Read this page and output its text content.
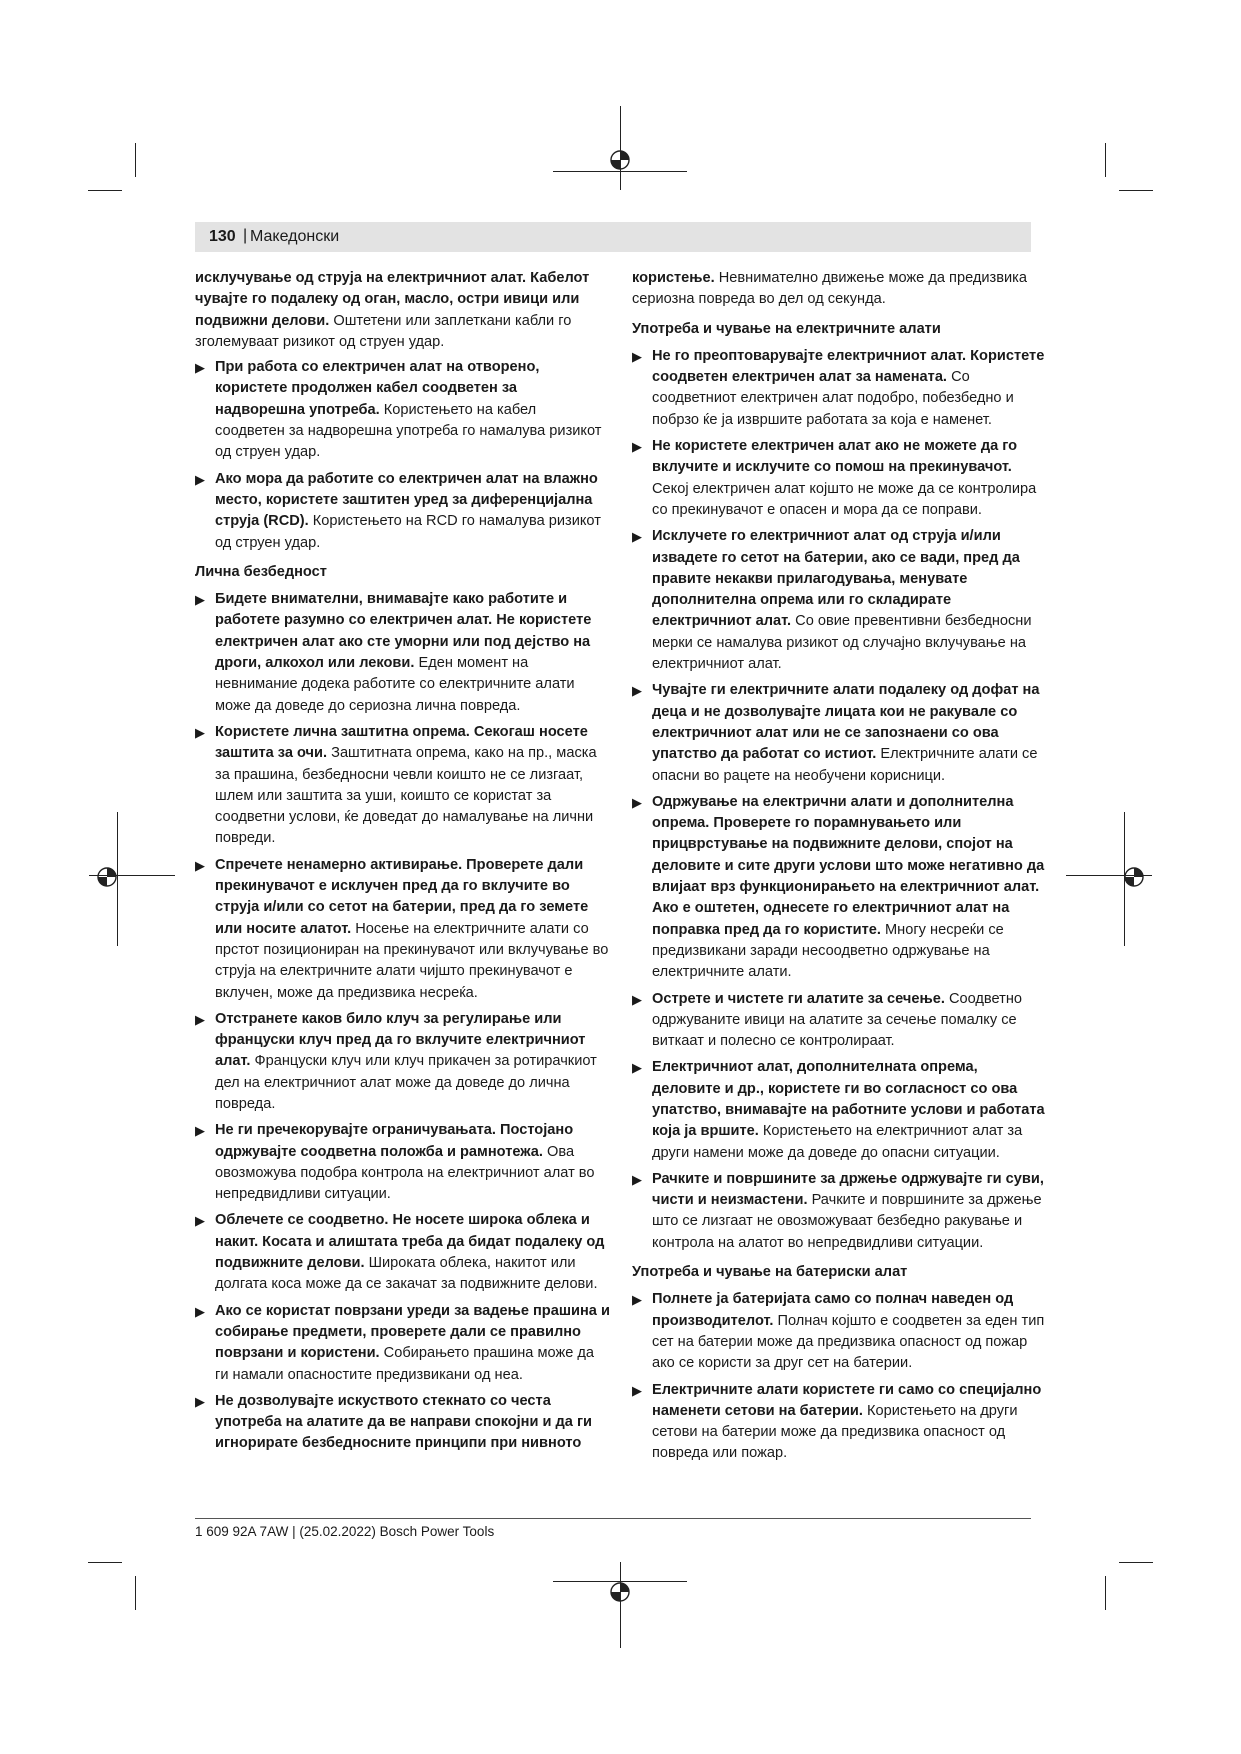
130 | Македонски

исклучување од струја на електричниот алат. Кабелот чувајте го подалеку од оган, масло, остри ивици или подвижни делови. Оштетени или заплеткани кабли го зголемуваат ризикот од струен удар.

▶ При работа со електричен алат на отворено, користете продолжен кабел соодветен за надворешна употреба. Користењето на кабел соодветен за надворешна употреба го намалува ризикот од струен удар.
▶ Ако мора да работите со електричен алат на влажно место, користете заштитен уред за диференцијална струја (RCD). Користењето на RCD го намалува ризикот од струен удар.
Лична безбедност
▶ Бидете внимателни, внимавајте како работите и работете разумно со електричен алат. Не користете електричен алат ако сте уморни или под дејство на дроги, алкохол или лекови. Еден момент на невнимание додека работите со електричните алати може да доведе до сериозна лична повреда.
▶ Користете лична заштитна опрема. Секогаш носете заштита за очи. Заштитната опрема, како на пр., маска за прашина, безбедносни чевли коишто не се лизгаат, шлем или заштита за уши, коишто се користат за соодветни услови, ќе доведат до намалување на лични повреди.
▶ Спречете ненамерно активирање. Проверете дали прекинувачот е исклучен пред да го вклучите во струја и/или со сетот на батерии, пред да го земете или носите алатот. Носење на електричните алати со прстот позициониран на прекинувачот или вклучување во струја на електричните алати чијшто прекинувачот е вклучен, може да предизвика несреќа.
▶ Отстранете каков било клуч за регулирање или француски клуч пред да го вклучите електричниот алат. Француски клуч или клуч прикачен за ротирачкиот дел на електричниот алат може да доведе до лична повреда.
▶ Не ги пречекорувајте ограничувањата. Постојано одржувајте соодветна положба и рамнотежа. Ова овозможува подобра контрола на електричниот алат во непредвидливи ситуации.
▶ Облечете се соодветно. Не носете широка облека и накит. Косата и алиштата треба да бидат подалеку од подвижните делови. Широката облека, накитот или долгата коса може да се закачат за подвижните делови.
▶ Ако се користат поврзани уреди за вадење прашина и собирање предмети, проверете дали се правилно поврзани и користени. Собирањето прашина може да ги намали опасностите предизвикани од неа.
▶ Не дозволувајте искуството стекнато со честа употреба на алатите да ве направи спокојни и да ги игнорирате безбедносните принципи при нивното

користење. Невнимателно движење може да предизвика сериозна повреда во дел од секунда.

Употреба и чување на електричните алати
▶ Не го преоптоварувајте електричниот алат. Користете соодветен електричен алат за намената. Со соодветниот електричен алат подобро, побезбедно и побрзо ќе ја извршите работата за која е наменет.
▶ Не користете електричен алат ако не можете да го вклучите и исклучите со помош на прекинувачот. Секој електричен алат којшто не може да се контролира со прекинувачот е опасен и мора да се поправи.
▶ Исклучете го електричниот алат од струја и/или извадете го сетот на батерии, ако се вади, пред да правите некакви прилагодувања, менувате дополнителна опрема или го складирате електричниот алат. Со овие превентивни безбедносни мерки се намалува ризикот од случајно вклучување на електричниот алат.
▶ Чувајте ги електричните алати подалеку од дофат на деца и не дозволувајте лицата кои не ракувале со електричниот алат или не се запознаени со ова упатство да работат со истиот. Електричните алати се опасни во рацете на необучени корисници.
▶ Одржување на електрични алати и дополнителна опрема. Проверете го порамнувањето или прицврстување на подвижните делови, спојот на деловите и сите други услови што може негативно да влијаат врз функционирањето на електричниот алат. Ако е оштетен, однесете го електричниот алат на поправка пред да го користите. Многу несреќи се предизвикани заради несоодветно одржување на електричните алати.
▶ Острете и чистете ги алатите за сечење. Соодветно одржуваните ивици на алатите за сечење помалку се виткаат и полесно се контролираат.
▶ Електричниот алат, дополнителната опрема, деловите и др., користете ги во согласност со ова упатство, внимавајте на работните услови и работата која ја вршите. Користењето на електричниот алат за други намени може да доведе до опасни ситуации.
▶ Рачките и површините за држење одржувајте ги суви, чисти и неизмастени. Рачките и површините за држење што се лизгаат не овозможуваат безбедно ракување и контрола на алатот во непредвидливи ситуации.
Употреба и чување на батериски алат
▶ Полнете ја батеријата само со полнач наведен од производителот. Полнач којшто е соодветен за еден тип сет на батерии може да предизвика опасност од пожар ако се користи за друг сет на батерии.
▶ Електричните алати користете ги само со специјално наменети сетови на батерии. Користењето на други сетови на батерии може да предизвика опасност од повреда или пожар.
1 609 92A 7AW | (25.02.2022) Bosch Power Tools
